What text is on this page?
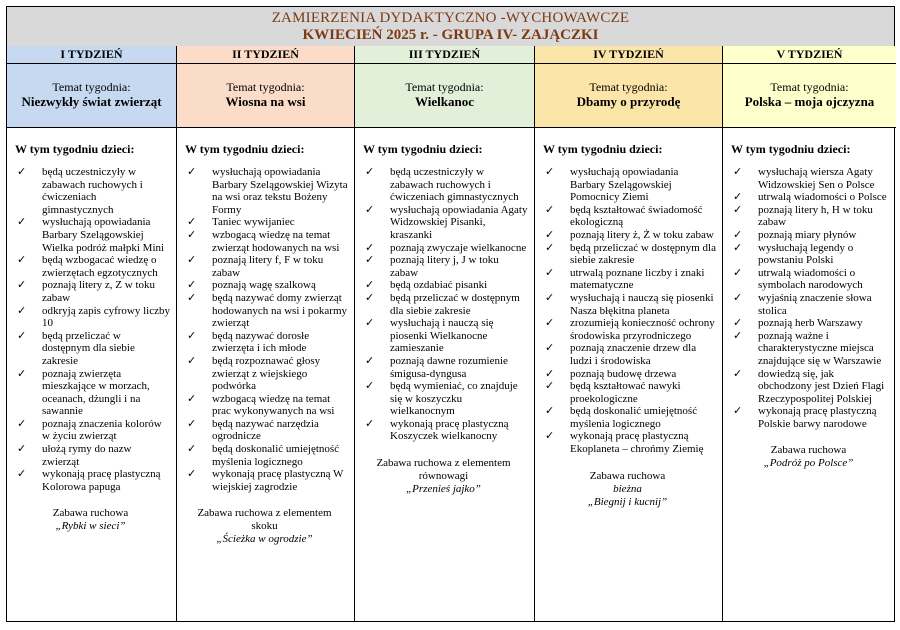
ZAMIERZENIA DYDAKTYCZNO -WYCHOWAWCZE
KWIECIEŃ 2025 r. - GRUPA IV- ZAJĄCZKI
I TYDZIEŃ
Temat tygodnia:
Niezwykły świat zwierząt
W tym tygodniu dzieci:
✓ będą uczestniczyły w zabawach ruchowych i ćwiczeniach gimnastycznych
✓ wysłuchają opowiadania Barbary Szelągowskiej Wielka podróż małpki Mini
✓ będą wzbogacać wiedzę o zwierzętach egzotycznych
✓ poznają litery z, Z w toku zabaw
✓ odkryją zapis cyfrowy liczby 10
✓ będą przeliczać w dostępnym dla siebie zakresie
✓ poznają zwierzęta mieszkające w morzach, oceanach, dżungli i na sawannie
✓ poznają znaczenia kolorów w życiu zwierząt
✓ ułożą rymy do nazw zwierząt
✓ wykonają pracę plastyczną Kolorowa papuga
Zabawa ruchowa
„Rybki w sieci”
II TYDZIEŃ
Temat tygodnia:
Wiosna na wsi
W tym tygodniu dzieci:
✓ wysłuchają opowiadania Barbary Szelągowskiej Wizyta na wsi oraz tekstu Bożeny Formy
✓ Taniec wywijaniec
✓ wzbogacą wiedzę na temat zwierząt hodowanych na wsi
✓ poznają litery f, F w toku zabaw
✓ poznają wagę szalkową
✓ będą nazywać domy zwierząt hodowanych na wsi i pokarmy zwierząt
✓ będą nazywać dorosłe zwierzęta i ich młode
✓ będą rozpoznawać głosy zwierząt z wiejskiego podwórka
✓ wzbogacą wiedzę na temat prac wykonywanych na wsi
✓ będą nazywać narzędzia ogrodnicze
✓ będą doskonalić umiejętność myślenia logicznego
✓ wykonają pracę plastyczną W wiejskiej zagrodzie
Zabawa ruchowa z elementem skoku
„Ścieżka w ogrodzie”
III TYDZIEŃ
Temat tygodnia:
Wielkanoc
W tym tygodniu dzieci:
✓ będą uczestniczyły w zabawach ruchowych i ćwiczeniach gimnastycznych
✓ wysłuchają opowiadania Agaty Widzowskiej Pisanki, kraszanki
✓ poznają zwyczaje wielkanocne
✓ poznają litery j, J w toku zabaw
✓ będą ozdabiać pisanki
✓ będą przeliczać w dostępnym dla siebie zakresie
✓ wysłuchają i nauczą się piosenki Wielkanocne zamieszanie
✓ poznają dawne rozumienie śmigusa-dyngusa
✓ będą wymieniać, co znajduje się w koszyczku wielkanocnym
✓ wykonają pracę plastyczną Koszyczek wielkanocny
Zabawa ruchowa z elementem równowagi
„Przenieś jajko”
IV TYDZIEŃ
Temat tygodnia:
Dbamy o przyrodę
W tym tygodniu dzieci:
✓ wysłuchają opowiadania Barbary Szelągowskiej Pomocnicy Ziemi
✓ będą kształtować świadomość ekologiczną
✓ poznają litery ż, Ż w toku zabaw
✓ będą przeliczać w dostępnym dla siebie zakresie
✓ utrwalą poznane liczby i znaki matematyczne
✓ wysłuchają i nauczą się piosenki Nasza błękitna planeta
✓ zrozumieją konieczność ochrony środowiska przyrodniczego
✓ poznają znaczenie drzew dla ludzi i środowiska
✓ poznają budowę drzewa
✓ będą kształtować nawyki proekologiczne
✓ będą doskonalić umiejętność myślenia logicznego
✓ wykonają pracę plastyczną Ekoplaneta – chrońmy Ziemię
Zabawa ruchowa
bieżna
„Biegnij i kucnij”
V TYDZIEŃ
Temat tygodnia:
Polska – moja ojczyzna
W tym tygodniu dzieci:
✓ wysłuchają wiersza Agaty Widzowskiej Sen o Polsce
✓ utrwalą wiadomości o Polsce
✓ poznają litery h, H w toku zabaw
✓ poznają miary płynów
✓ wysłuchają legendy o powstaniu Polski
✓ utrwalą wiadomości o symbolach narodowych
✓ wyjaśnią znaczenie słowa stolica
✓ poznają herb Warszawy
✓ poznają ważne i charakterystyczne miejsca znajdujące się w Warszawie
✓ dowiedzą się, jak obchodzony jest Dzień Flagi Rzeczypospolitej Polskiej
✓ wykonają pracę plastyczną Polskie barwy narodowe
Zabawa ruchowa
„Podróż po Polsce”
